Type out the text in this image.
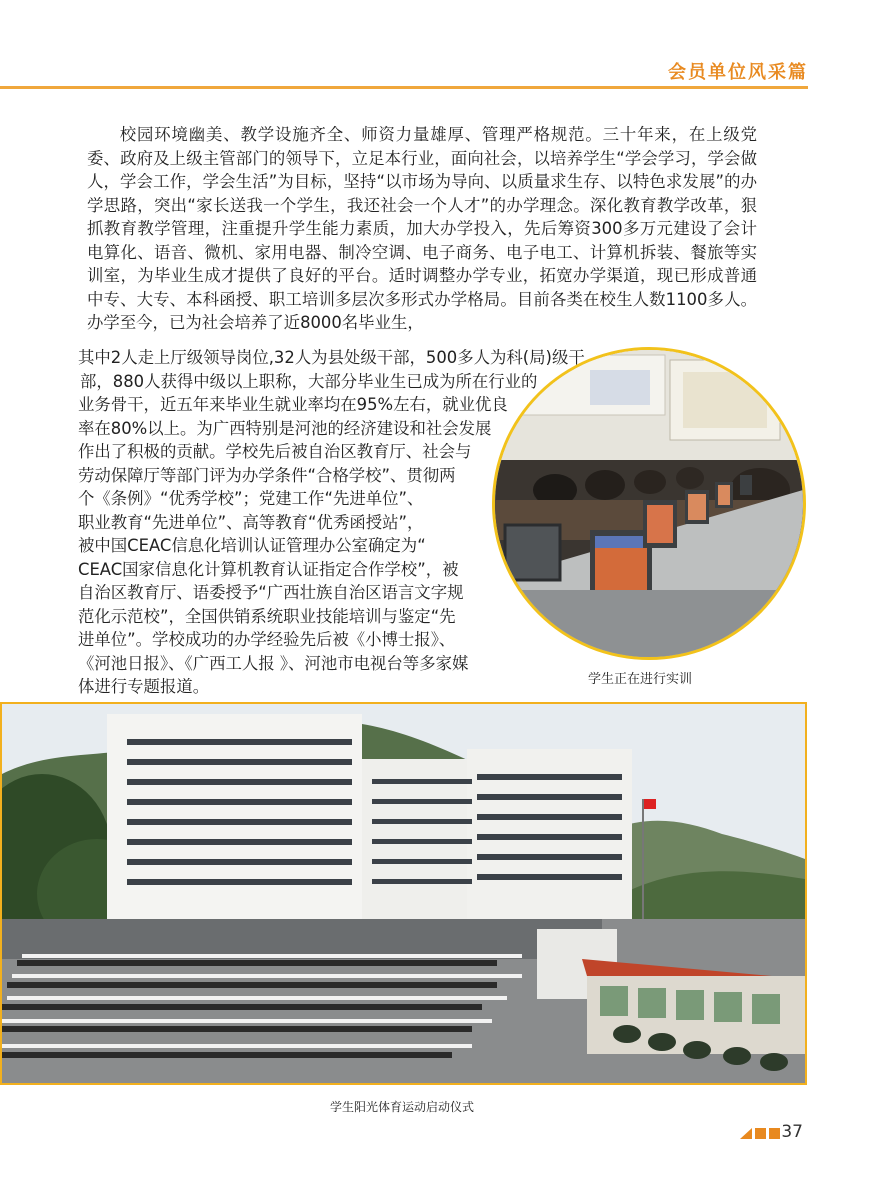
会员单位风采篇

校园环境幽美、教学设施齐全、师资力量雄厚、管理严格规范。三十年来，在上级党委、政府及上级主管部门的领导下，立足本行业，面向社会，以培养学生“学会学习，学会做人，学会工作，学会生活”为目标，坚持“以市场为导向、以质量求生存、以特色求发展”的办学思路，突出“家长送我一个学生，我还社会一个人才”的办学理念。深化教育教学改革，狠抓教育教学管理，注重提升学生能力素质，加大办学投入，先后筹资300多万元建设了会计电算化、语音、微机、家用电器、制冷空调、电子商务、电子电工、计算机拆装、餐旅等实训室，为毕业生成才提供了良好的平台。适时调整办学专业，拓宽办学渠道，现已形成普通中专、大专、本科函授、职工培训多层次多形式办学格局。目前各类在校生人数1100多人。办学至今，已为社会培养了近8000名毕业生，

其中2人走上厅级领导岗位,32人为县处级干部，500多人为科(局)级干
部，880人获得中级以上职称，大部分毕业生已成为所在行业的
业务骨干，近五年来毕业生就业率均在95%左右，就业优良
率在80%以上。为广西特别是河池的经济建设和社会发展
作出了积极的贡献。学校先后被自治区教育厅、社会与
劳动保障厅等部门评为办学条件“合格学校”、贯彻两
个《条例》“优秀学校”；党建工作“先进单位”、
职业教育“先进单位”、高等教育“优秀函授站”，
被中国CEAC信息化培训认证管理办公室确定为“
CEAC国家信息化计算机教育认证指定合作学校”，被
自治区教育厅、语委授予“广西壮族自治区语言文字规
范化示范校”，全国供销系统职业技能培训与鉴定“先
进单位”。学校成功的办学经验先后被《小博士报》、
《河池日报》、《广西工人报 》、河池市电视台等多家媒
体进行专题报道。	学生正在进行实训
学生阳光体育运动启动仪式
37
